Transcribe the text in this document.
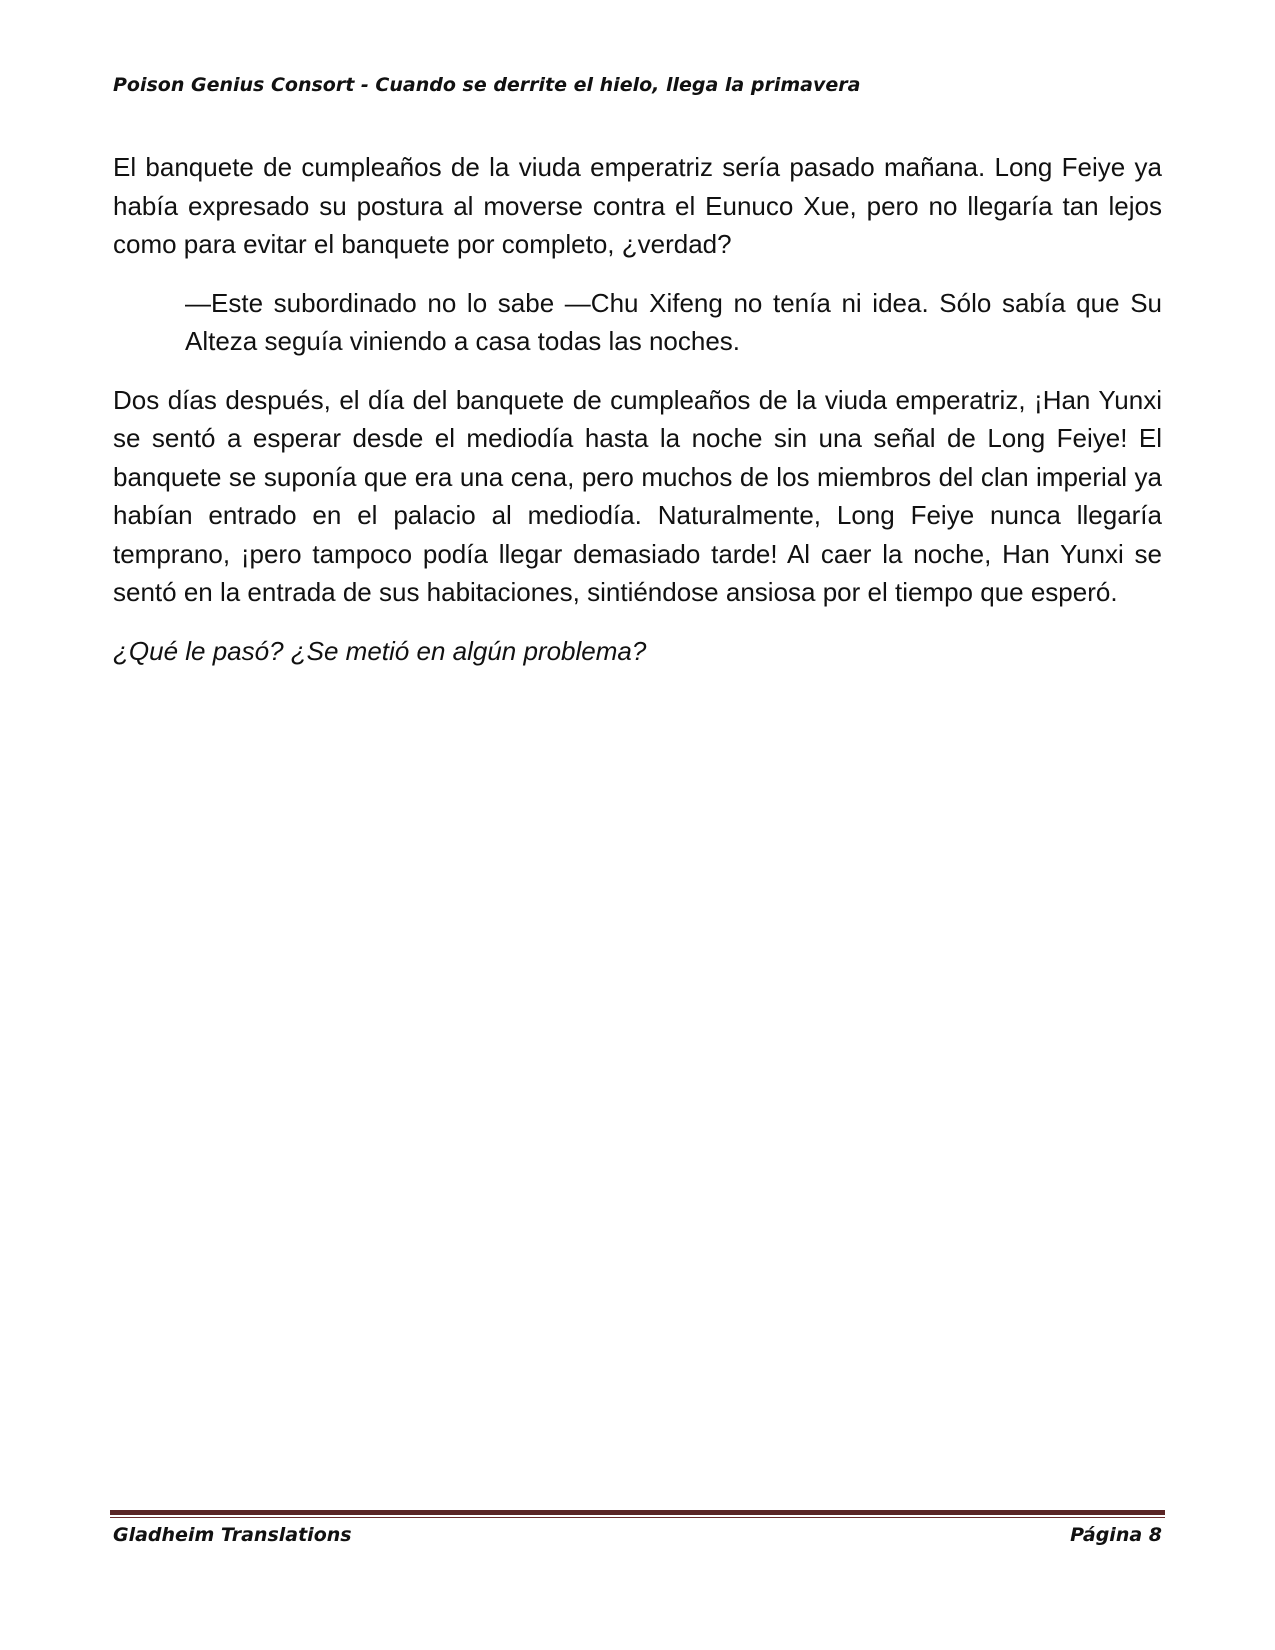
Poison Genius Consort - Cuando se derrite el hielo, llega la primavera

El banquete de cumpleaños de la viuda emperatriz sería pasado mañana. Long Feiye ya había expresado su postura al moverse contra el Eunuco Xue, pero no llegaría tan lejos como para evitar el banquete por completo, ¿verdad?

—Este subordinado no lo sabe —Chu Xifeng no tenía ni idea. Sólo sabía que Su Alteza seguía viniendo a casa todas las noches.

Dos días después, el día del banquete de cumpleaños de la viuda emperatriz, ¡Han Yunxi se sentó a esperar desde el mediodía hasta la noche sin una señal de Long Feiye! El banquete se suponía que era una cena, pero muchos de los miembros del clan imperial ya habían entrado en el palacio al mediodía. Naturalmente, Long Feiye nunca llegaría temprano, ¡pero tampoco podía llegar demasiado tarde! Al caer la noche, Han Yunxi se sentó en la entrada de sus habitaciones, sintiéndose ansiosa por el tiempo que esperó.

¿Qué le pasó? ¿Se metió en algún problema?

Gladheim Translations	Página 8
